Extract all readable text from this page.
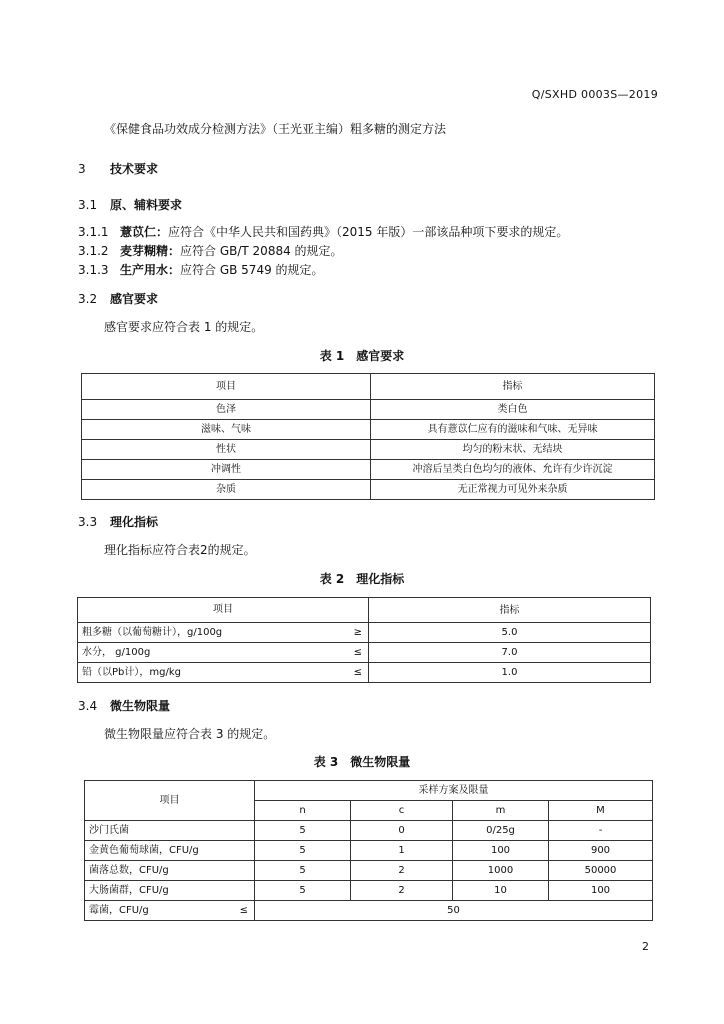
Q/SXHD 0003S—2019
《保健食品功效成分检测方法》（王光亚主编）粗多糖的测定方法
3 技术要求
3.1 原、辅料要求
3.1.1 薏苡仁：应符合《中华人民共和国药典》（2015 年版）一部该品种项下要求的规定。
3.1.2 麦芽糊精：应符合 GB/T 20884 的规定。
3.1.3 生产用水：应符合 GB 5749 的规定。
3.2 感官要求
感官要求应符合表 1 的规定。
表 1　感官要求
项目	指标
色泽	类白色
滋味、气味	具有薏苡仁应有的滋味和气味、无异味
性状	均匀的粉末状、无结块
冲调性	冲溶后呈类白色均匀的液体、允许有少许沉淀
杂质	无正常视力可见外来杂质
3.3 理化指标
理化指标应符合表2的规定。
表 2　理化指标
项目	指标
粗多糖（以葡萄糖计），g/100g ≥	5.0
水分， g/100g ≤	7.0
铅（以Pb计），mg/kg ≤	1.0
3.4 微生物限量
微生物限量应符合表 3 的规定。
表 3　微生物限量
项目	采样方案及限量			
	n	c	m	M
沙门氏菌	5	0	0/25g	-
金黄色葡萄球菌，CFU/g	5	1	100	900
菌落总数，CFU/g	5	2	1000	50000
大肠菌群，CFU/g	5	2	10	100
霉菌，CFU/g ≤	50			
2
